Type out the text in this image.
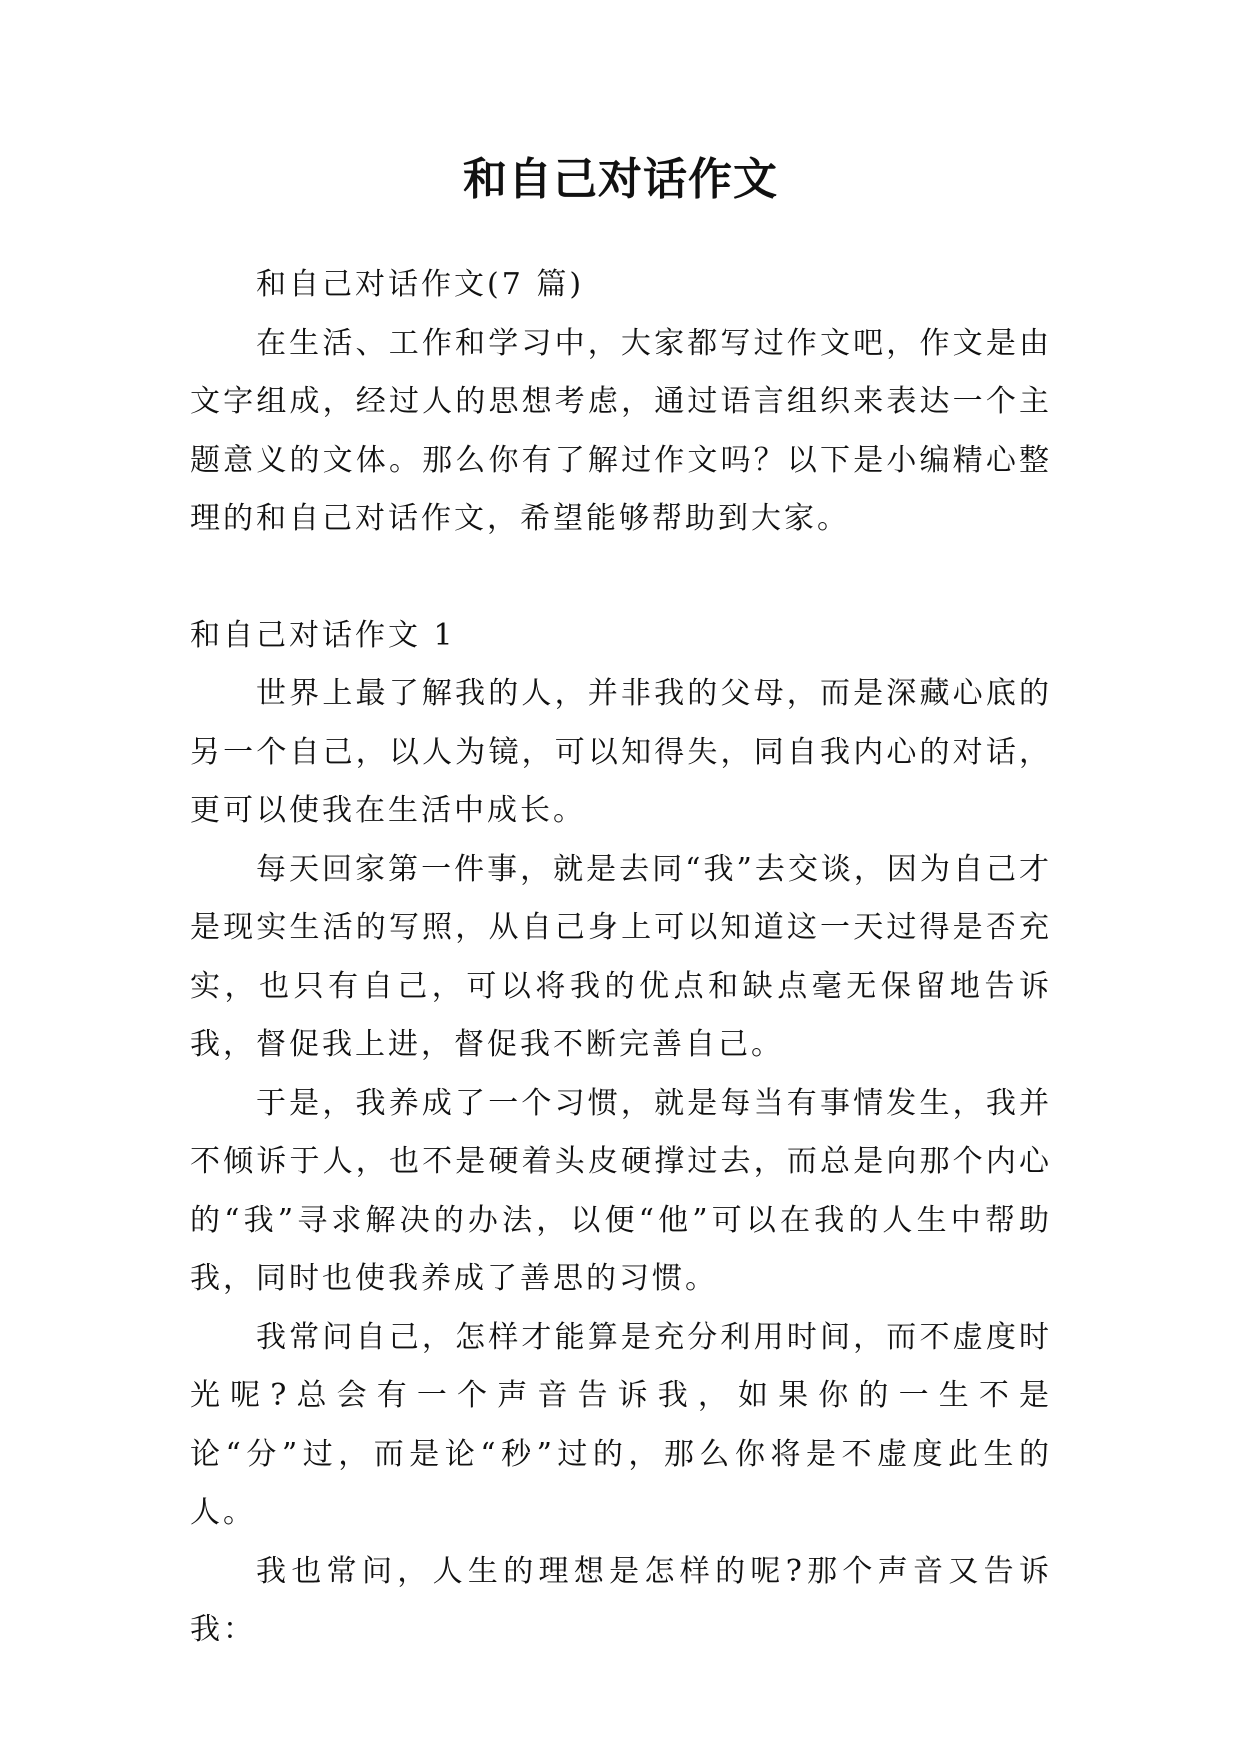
和自己对话作文

和自己对话作文(7 篇)

在生活、工作和学习中，大家都写过作文吧，作文是由文字组成，经过人的思想考虑，通过语言组织来表达一个主题意义的文体。那么你有了解过作文吗？以下是小编精心整理的和自己对话作文，希望能够帮助到大家。

和自己对话作文 1

世界上最了解我的人，并非我的父母，而是深藏心底的另一个自己，以人为镜，可以知得失，同自我内心的对话，更可以使我在生活中成长。

每天回家第一件事，就是去同“我”去交谈，因为自己才是现实生活的写照，从自己身上可以知道这一天过得是否充实，也只有自己，可以将我的优点和缺点毫无保留地告诉我，督促我上进，督促我不断完善自己。

于是，我养成了一个习惯，就是每当有事情发生，我并不倾诉于人，也不是硬着头皮硬撑过去，而总是向那个内心的“我”寻求解决的办法，以便“他”可以在我的人生中帮助我，同时也使我养成了善思的习惯。

我常问自己，怎样才能算是充分利用时间，而不虚度时光呢?总会有一个声音告诉我，如果你的一生不是论“分”过，而是论“秒”过的，那么你将是不虚度此生的人。

我也常问，人生的理想是怎样的呢?那个声音又告诉我：
